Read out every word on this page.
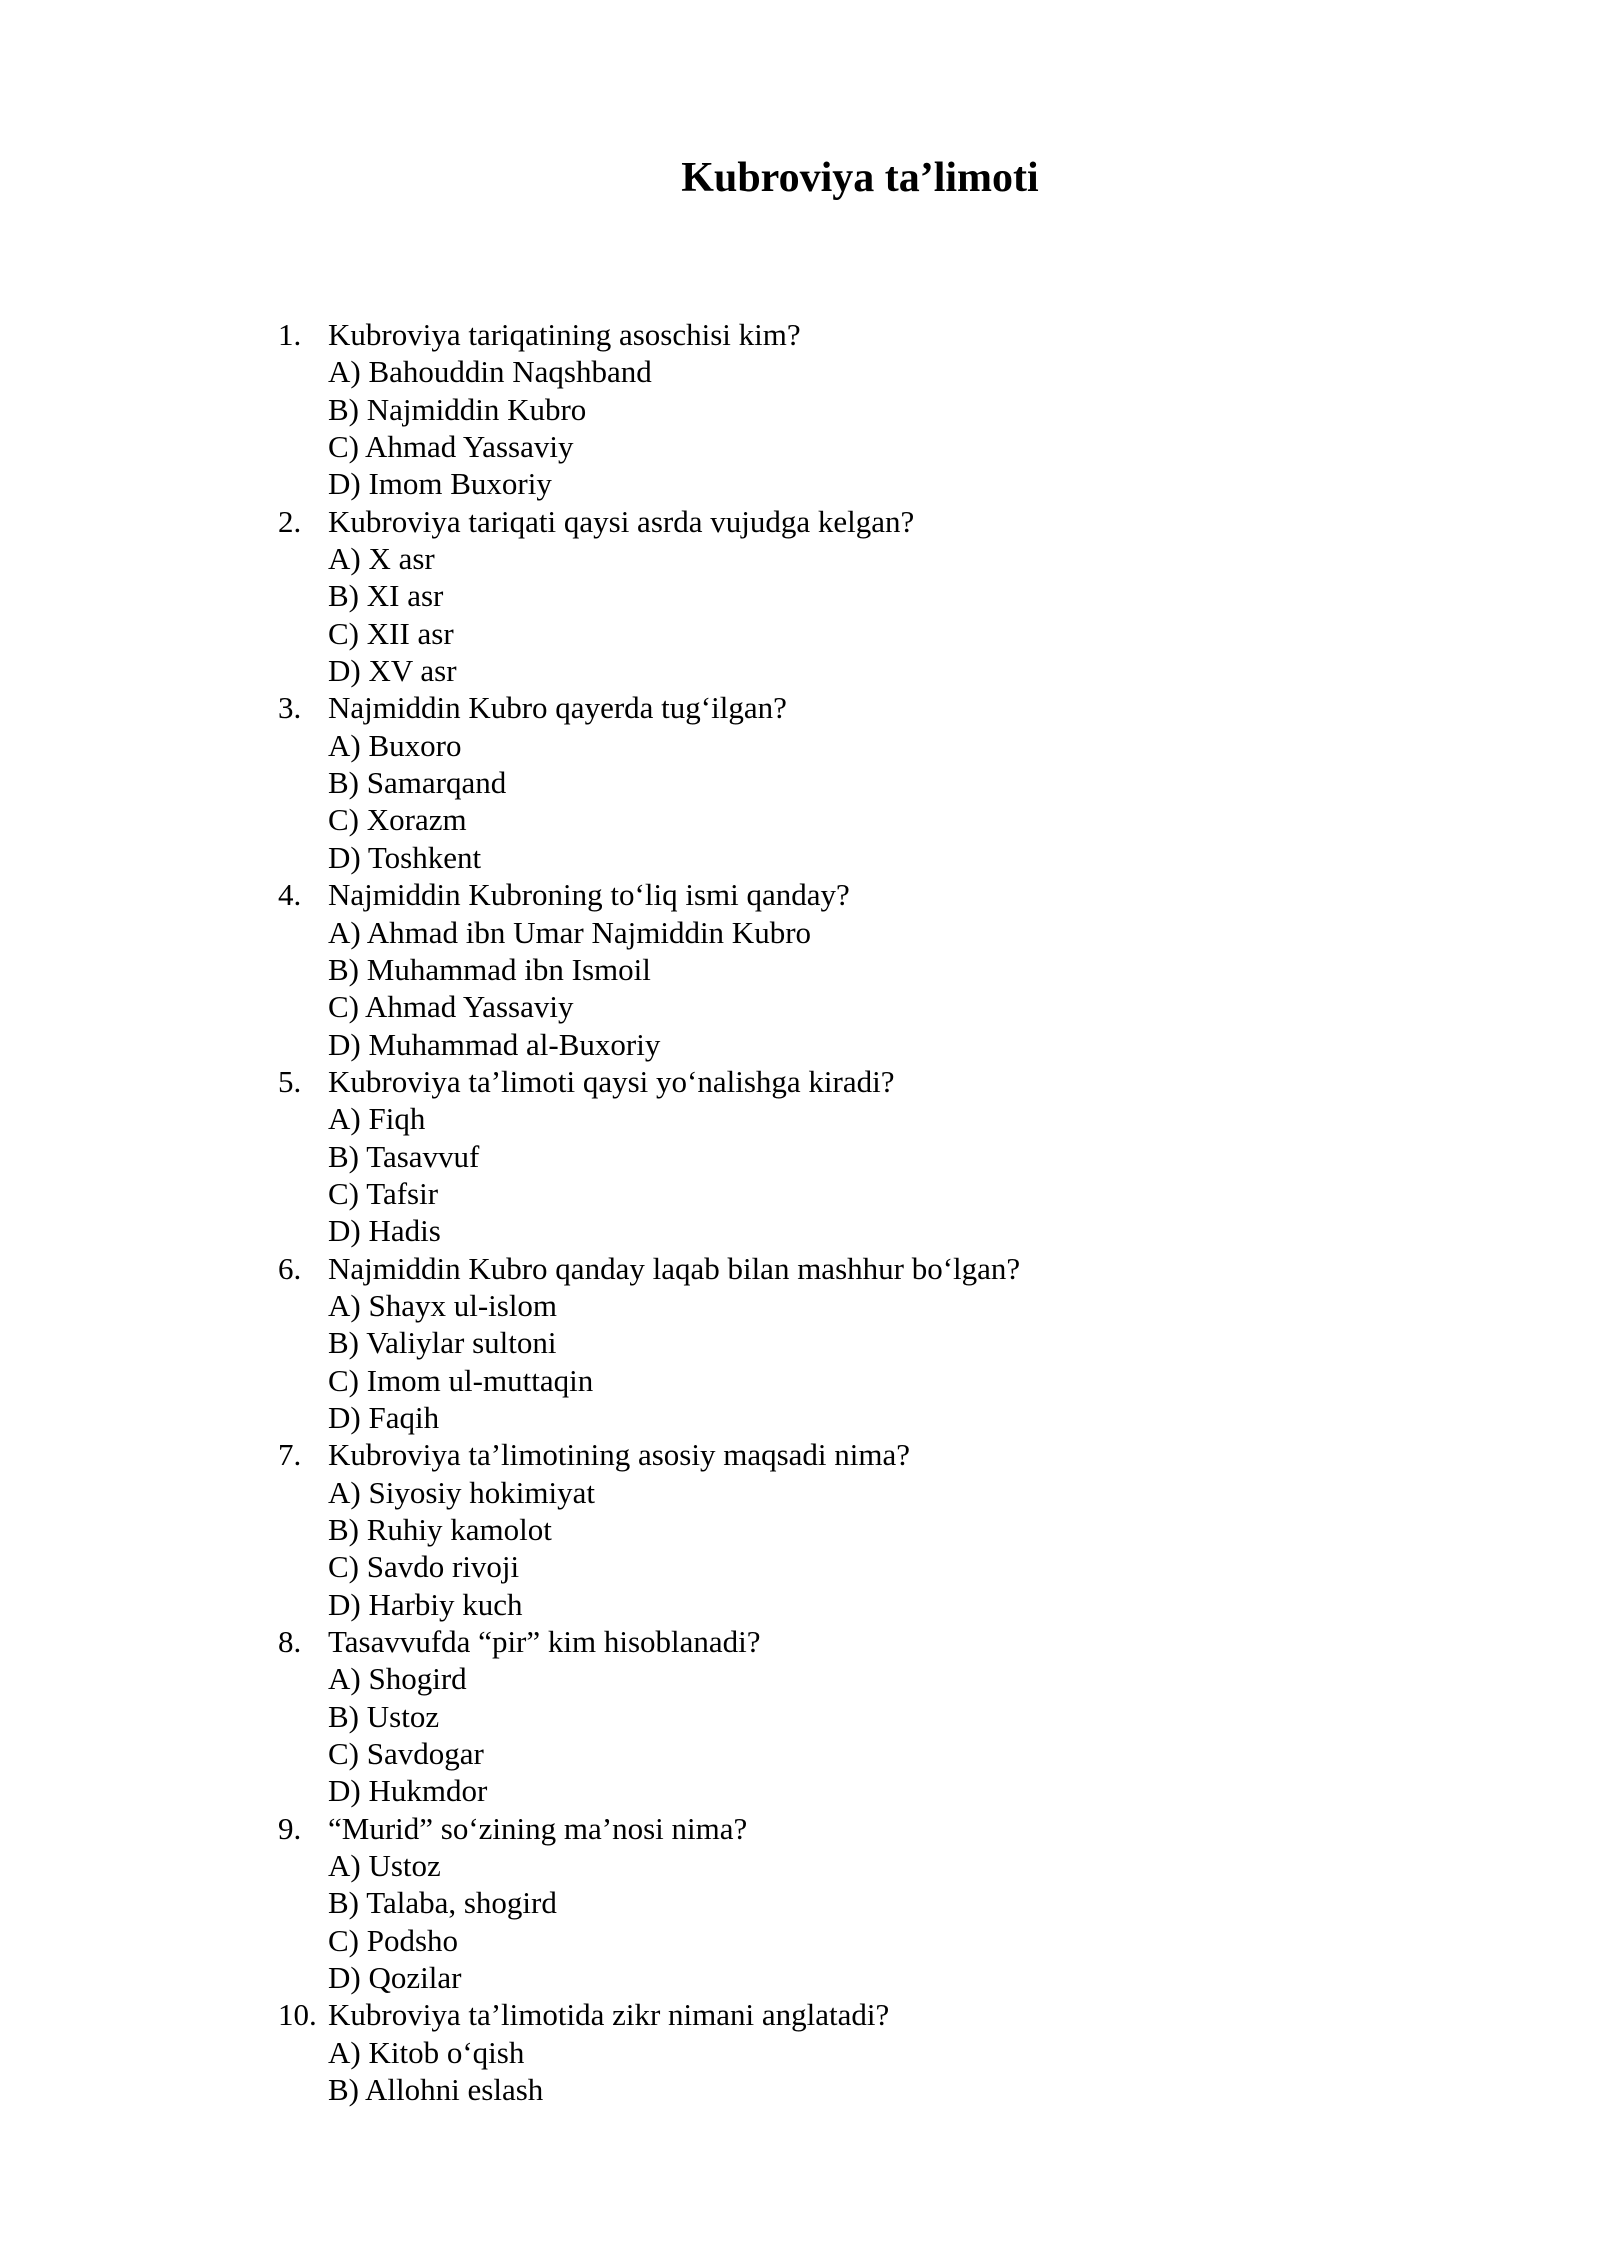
Kubroviya ta’limoti
1. Kubroviya tariqatining asoschisi kim?
A) Bahouddin Naqshband
B) Najmiddin Kubro
C) Ahmad Yassaviy
D) Imom Buxoriy
2. Kubroviya tariqati qaysi asrda vujudga kelgan?
A) X asr
B) XI asr
C) XII asr
D) XV asr
3. Najmiddin Kubro qayerda tug‘ilgan?
A) Buxoro
B) Samarqand
C) Xorazm
D) Toshkent
4. Najmiddin Kubroning to‘liq ismi qanday?
A) Ahmad ibn Umar Najmiddin Kubro
B) Muhammad ibn Ismoil
C) Ahmad Yassaviy
D) Muhammad al-Buxoriy
5. Kubroviya ta’limoti qaysi yo‘nalishga kiradi?
A) Fiqh
B) Tasavvuf
C) Tafsir
D) Hadis
6. Najmiddin Kubro qanday laqab bilan mashhur bo‘lgan?
A) Shayx ul-islom
B) Valiylar sultoni
C) Imom ul-muttaqin
D) Faqih
7. Kubroviya ta’limotining asosiy maqsadi nima?
A) Siyosiy hokimiyat
B) Ruhiy kamolot
C) Savdo rivoji
D) Harbiy kuch
8. Tasavvufda “pir” kim hisoblanadi?
A) Shogird
B) Ustoz
C) Savdogar
D) Hukmdor
9. “Murid” so‘zining ma’nosi nima?
A) Ustoz
B) Talaba, shogird
C) Podsho
D) Qozilar
10. Kubroviya ta’limotida zikr nimani anglatadi?
A) Kitob o‘qish
B) Allohni eslash
